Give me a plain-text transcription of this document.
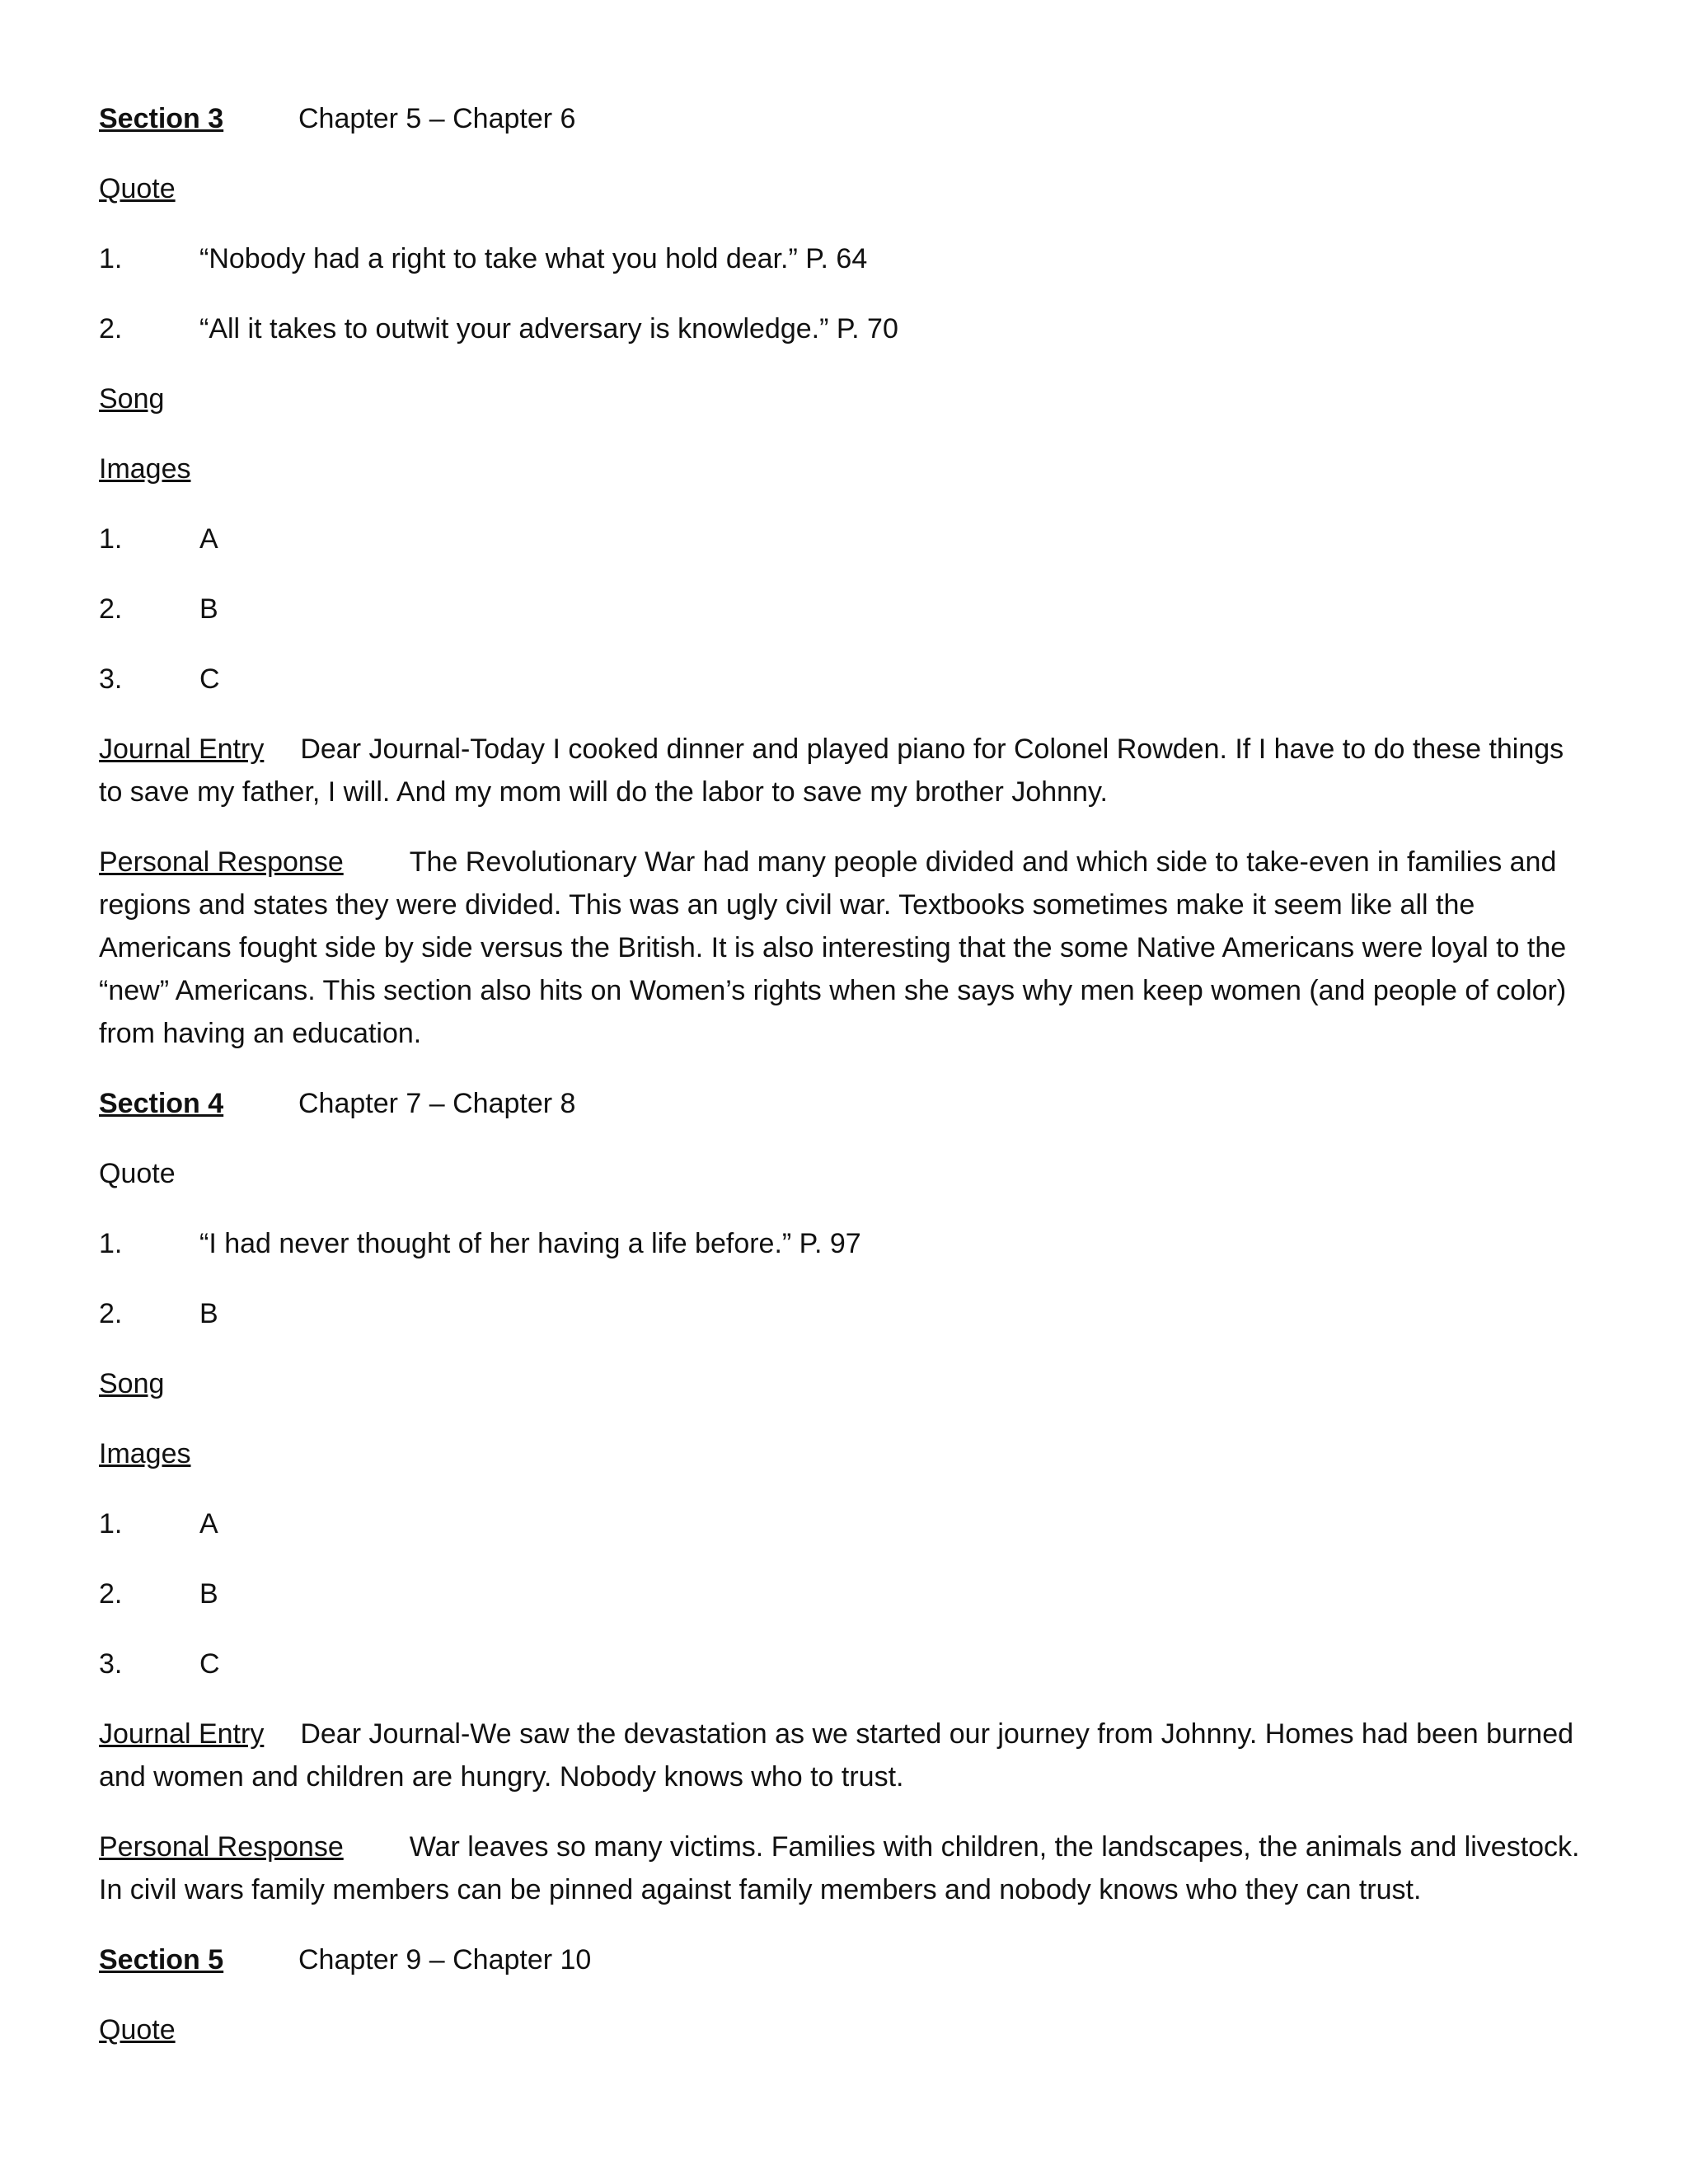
Section 3	Chapter 5 – Chapter 6
Quote
1.	“Nobody had a right to take what you hold dear.” P. 64
2.	“All it takes to outwit your adversary is knowledge.” P. 70
Song
Images
1.	A
2.	B
3.	C
Journal Entry Dear Journal-Today I cooked dinner and played piano for Colonel Rowden. If I have to do these things to save my father, I will. And my mom will do the labor to save my brother Johnny.
Personal Response The Revolutionary War had many people divided and which side to take-even in families and regions and states they were divided. This was an ugly civil war. Textbooks sometimes make it seem like all the Americans fought side by side versus the British. It is also interesting that the some Native Americans were loyal to the “new” Americans. This section also hits on Women’s rights when she says why men keep women (and people of color) from having an education.
Section 4	Chapter 7 – Chapter 8
Quote
1.	“I had never thought of her having a life before.” P. 97
2.	B
Song
Images
1.	A
2.	B
3.	C
Journal Entry Dear Journal-We saw the devastation as we started our journey from Johnny. Homes had been burned and women and children are hungry. Nobody knows who to trust.
Personal Response War leaves so many victims. Families with children, the landscapes, the animals and livestock. In civil wars family members can be pinned against family members and nobody knows who they can trust.
Section 5	Chapter 9 – Chapter 10
Quote
